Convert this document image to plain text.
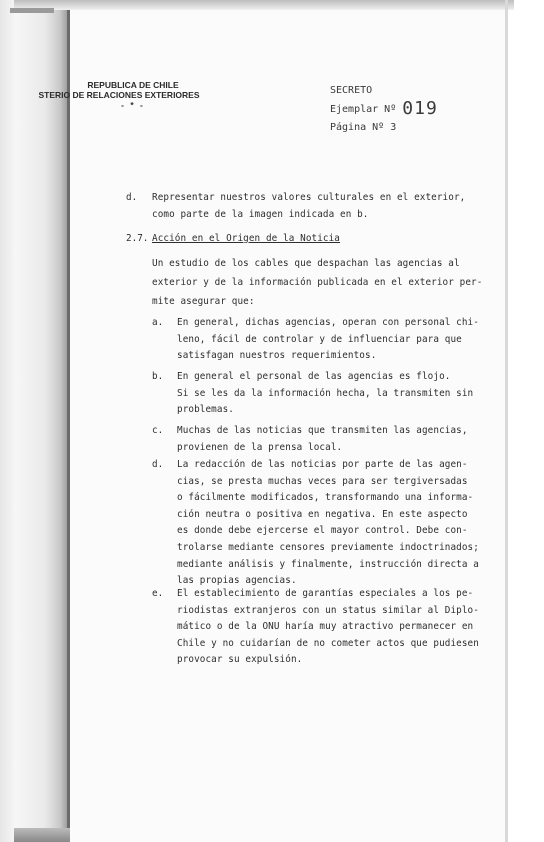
REPUBLICA DE CHILE
STERIO DE RELACIONES EXTERIORES
- * -
SECRETO
Ejemplar Nº 019
Página Nº 3
d. Representar nuestros valores culturales en el exterior,
como parte de la imagen indicada en b.
2.7. Acción en el Origen de la Noticia
Un estudio de los cables que despachan las agencias al
exterior y de la información publicada en el exterior per-
mite asegurar que:
a. En general, dichas agencias, operan con personal chi-
leno, fácil de controlar y de influenciar para que
satisfagan nuestros requerimientos.
b. En general el personal de las agencias es flojo.
Si se les da la información hecha, la transmiten sin
problemas.
c. Muchas de las noticias que transmiten las agencias,
provienen de la prensa local.
d. La redacción de las noticias por parte de las agen-
cias, se presta muchas veces para ser tergiversadas
o fácilmente modificados, transformando una informa-
ción neutra o positiva en negativa. En este aspecto
es donde debe ejercerse el mayor control. Debe con-
trolarse mediante censores previamente indoctrinados;
mediante análisis y finalmente, instrucción directa a
las propias agencias.
e. El establecimiento de garantías especiales a los pe-
riodistas extranjeros con un status similar al Diplo-
mático o de la ONU haría muy atractivo permanecer en
Chile y no cuidarían de no cometer actos que pudiesen
provocar su expulsión.
